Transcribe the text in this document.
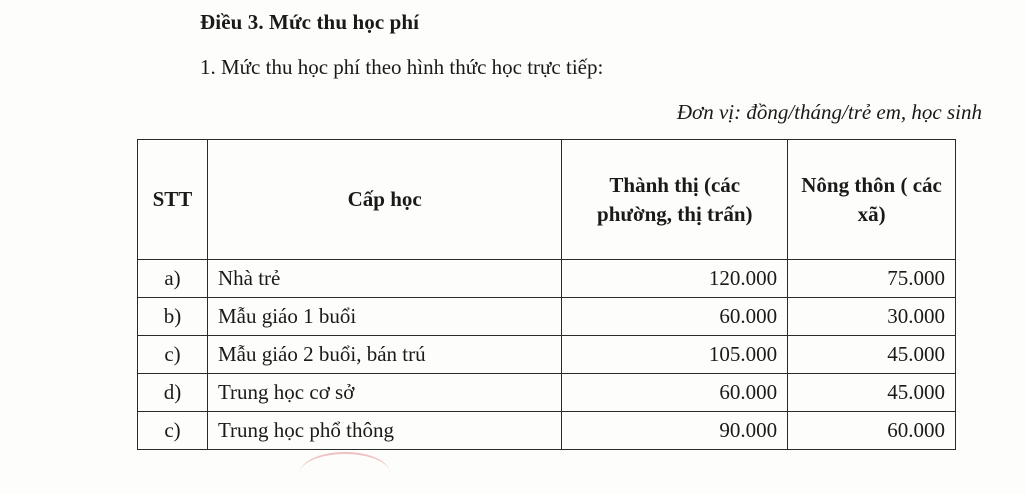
Điều 3. Mức thu học phí
1. Mức thu học phí theo hình thức học trực tiếp:
Đơn vị: đồng/tháng/trẻ em, học sinh
STT	Cấp học	Thành thị (các phường, thị trấn)	Nông thôn ( các xã)
a)	Nhà trẻ	120.000	75.000
b)	Mẫu giáo 1 buổi	60.000	30.000
c)	Mẫu giáo 2 buổi, bán trú	105.000	45.000
d)	Trung học cơ sở	60.000	45.000
c)	Trung học phổ thông	90.000	60.000
